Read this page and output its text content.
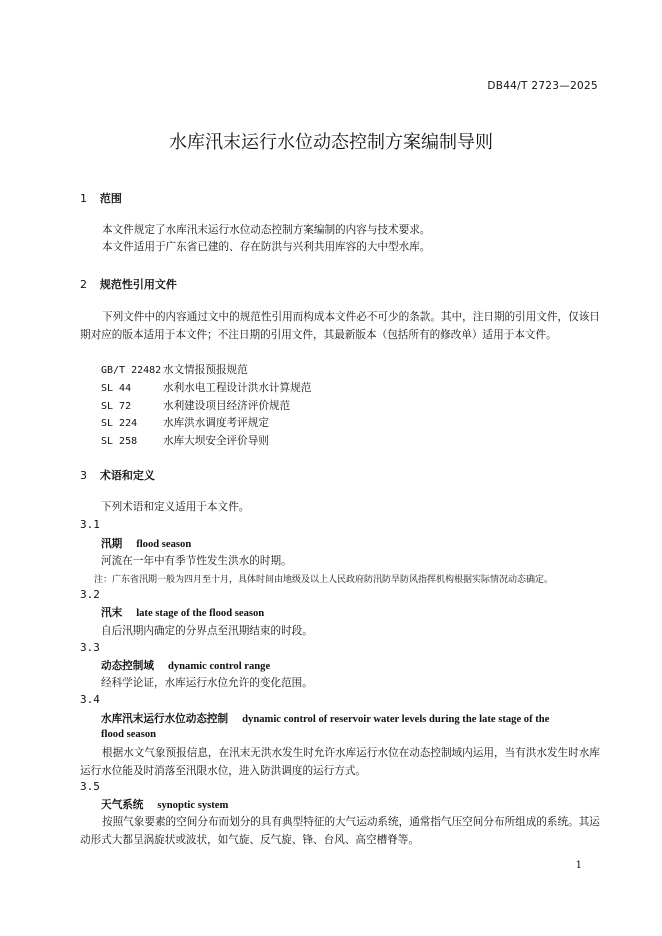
DB44/T 2723—2025
水库汛末运行水位动态控制方案编制导则
1 范围
本文件规定了水库汛末运行水位动态控制方案编制的内容与技术要求。
本文件适用于广东省已建的、存在防洪与兴利共用库容的大中型水库。
2 规范性引用文件
下列文件中的内容通过文中的规范性引用而构成本文件必不可少的条款。其中，注日期的引用文件，仅该日期对应的版本适用于本文件；不注日期的引用文件，其最新版本（包括所有的修改单）适用于本文件。
GB/T 22482 水文情报预报规范
SL 44	水利水电工程设计洪水计算规范
SL 72	水利建设项目经济评价规范
SL 224 水库洪水调度考评规定
SL 258 水库大坝安全评价导则
3 术语和定义
下列术语和定义适用于本文件。
3.1
汛期 flood season
河流在一年中有季节性发生洪水的时期。
注：广东省汛期一般为四月至十月，具体时间由地级及以上人民政府防汛防旱防风指挥机构根据实际情况动态确定。
3.2
汛末 late stage of the flood season
自后汛期内确定的分界点至汛期结束的时段。
3.3
动态控制域 dynamic control range
经科学论证，水库运行水位允许的变化范围。
3.4
水库汛末运行水位动态控制 dynamic control of reservoir water levels during the late stage of the
flood season
根据水文气象预报信息，在汛末无洪水发生时允许水库运行水位在动态控制域内运用，当有洪水发生时水库运行水位能及时消落至汛限水位，进入防洪调度的运行方式。
3.5
天气系统 synoptic system
按照气象要素的空间分布而划分的具有典型特征的大气运动系统，通常指气压空间分布所组成的系统。其运动形式大都呈涡旋状或波状，如气旋、反气旋、锋、台风、高空槽脊等。
1
